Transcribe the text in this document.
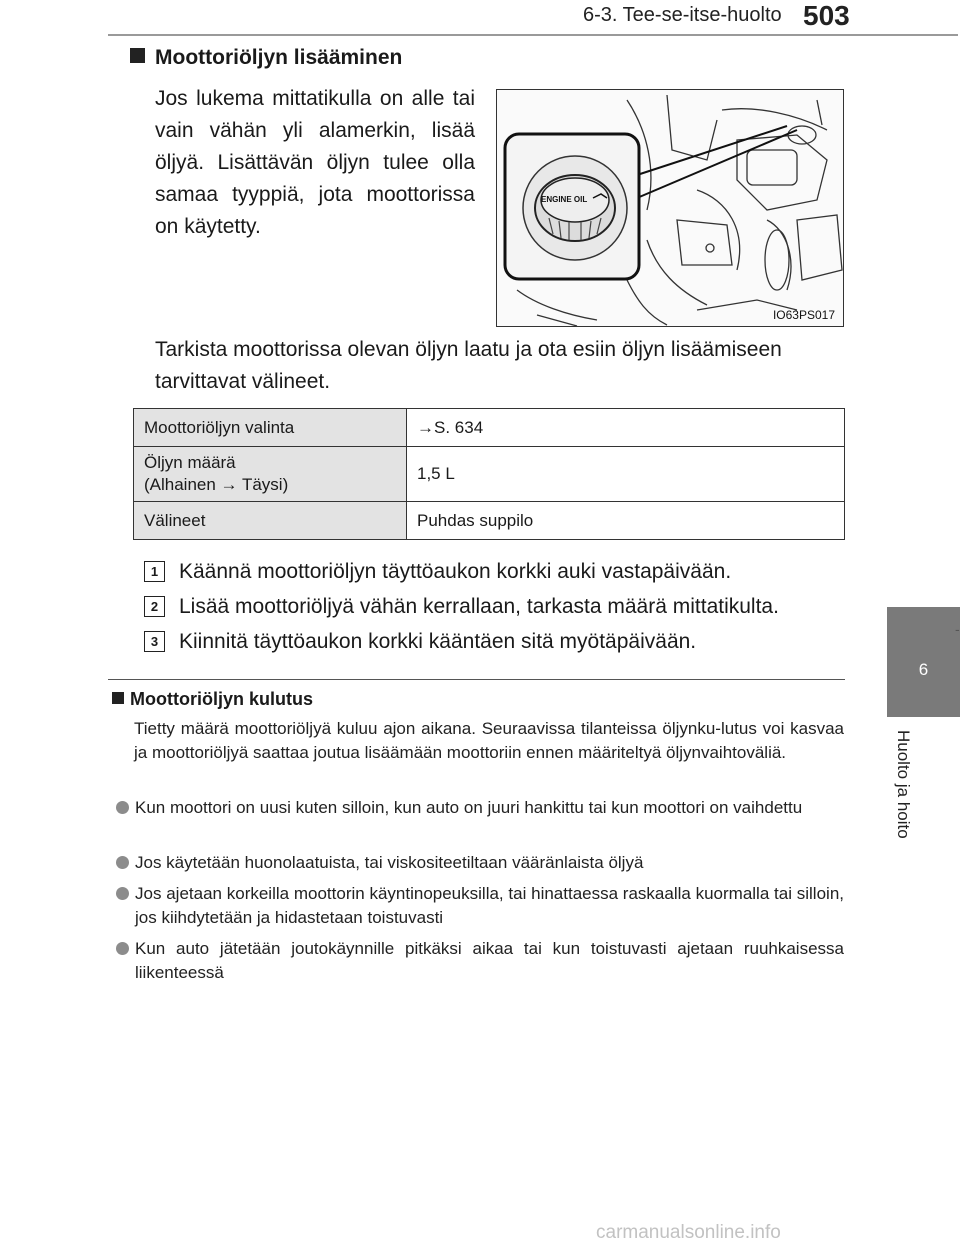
6-3. Tee-se-itse-huolto 503
6
Huolto ja hoito
-
Moottoriöljyn lisääminen
Jos lukema mittatikulla on alle tai vain vähän yli alamerkin, lisää öljyä. Lisättävän öljyn tulee olla samaa tyyppiä, jota moottorissa on käytetty.
ENGINE OIL
IO63PS017
Tarkista moottorissa olevan öljyn laatu ja ota esiin öljyn lisäämiseen tarvittavat välineet.
Moottoriöljyn valinta	→S. 634
Öljyn määrä
(Alhainen → Täysi)	1,5 L
Välineet	Puhdas suppilo
1 Käännä moottoriöljyn täyttöaukon korkki auki vastapäivään.
2 Lisää moottoriöljyä vähän kerrallaan, tarkasta määrä mittatikulta.
3 Kiinnitä täyttöaukon korkki kääntäen sitä myötäpäivään.
Moottoriöljyn kulutus
Tietty määrä moottoriöljyä kuluu ajon aikana. Seuraavissa tilanteissa öljynku-lutus voi kasvaa ja moottoriöljyä saattaa joutua lisäämään moottoriin ennen määriteltyä öljynvaihtoväliä.
Kun moottori on uusi kuten silloin, kun auto on juuri hankittu tai kun moottori on vaihdettu
Jos käytetään huonolaatuista, tai viskositeetiltaan vääränlaista öljyä
Jos ajetaan korkeilla moottorin käyntinopeuksilla, tai hinattaessa raskaalla kuormalla tai silloin, jos kiihdytetään ja hidastetaan toistuvasti
Kun auto jätetään joutokäynnille pitkäksi aikaa tai kun toistuvasti ajetaan ruuhkaisessa liikenteessä
carmanualsonline.info
